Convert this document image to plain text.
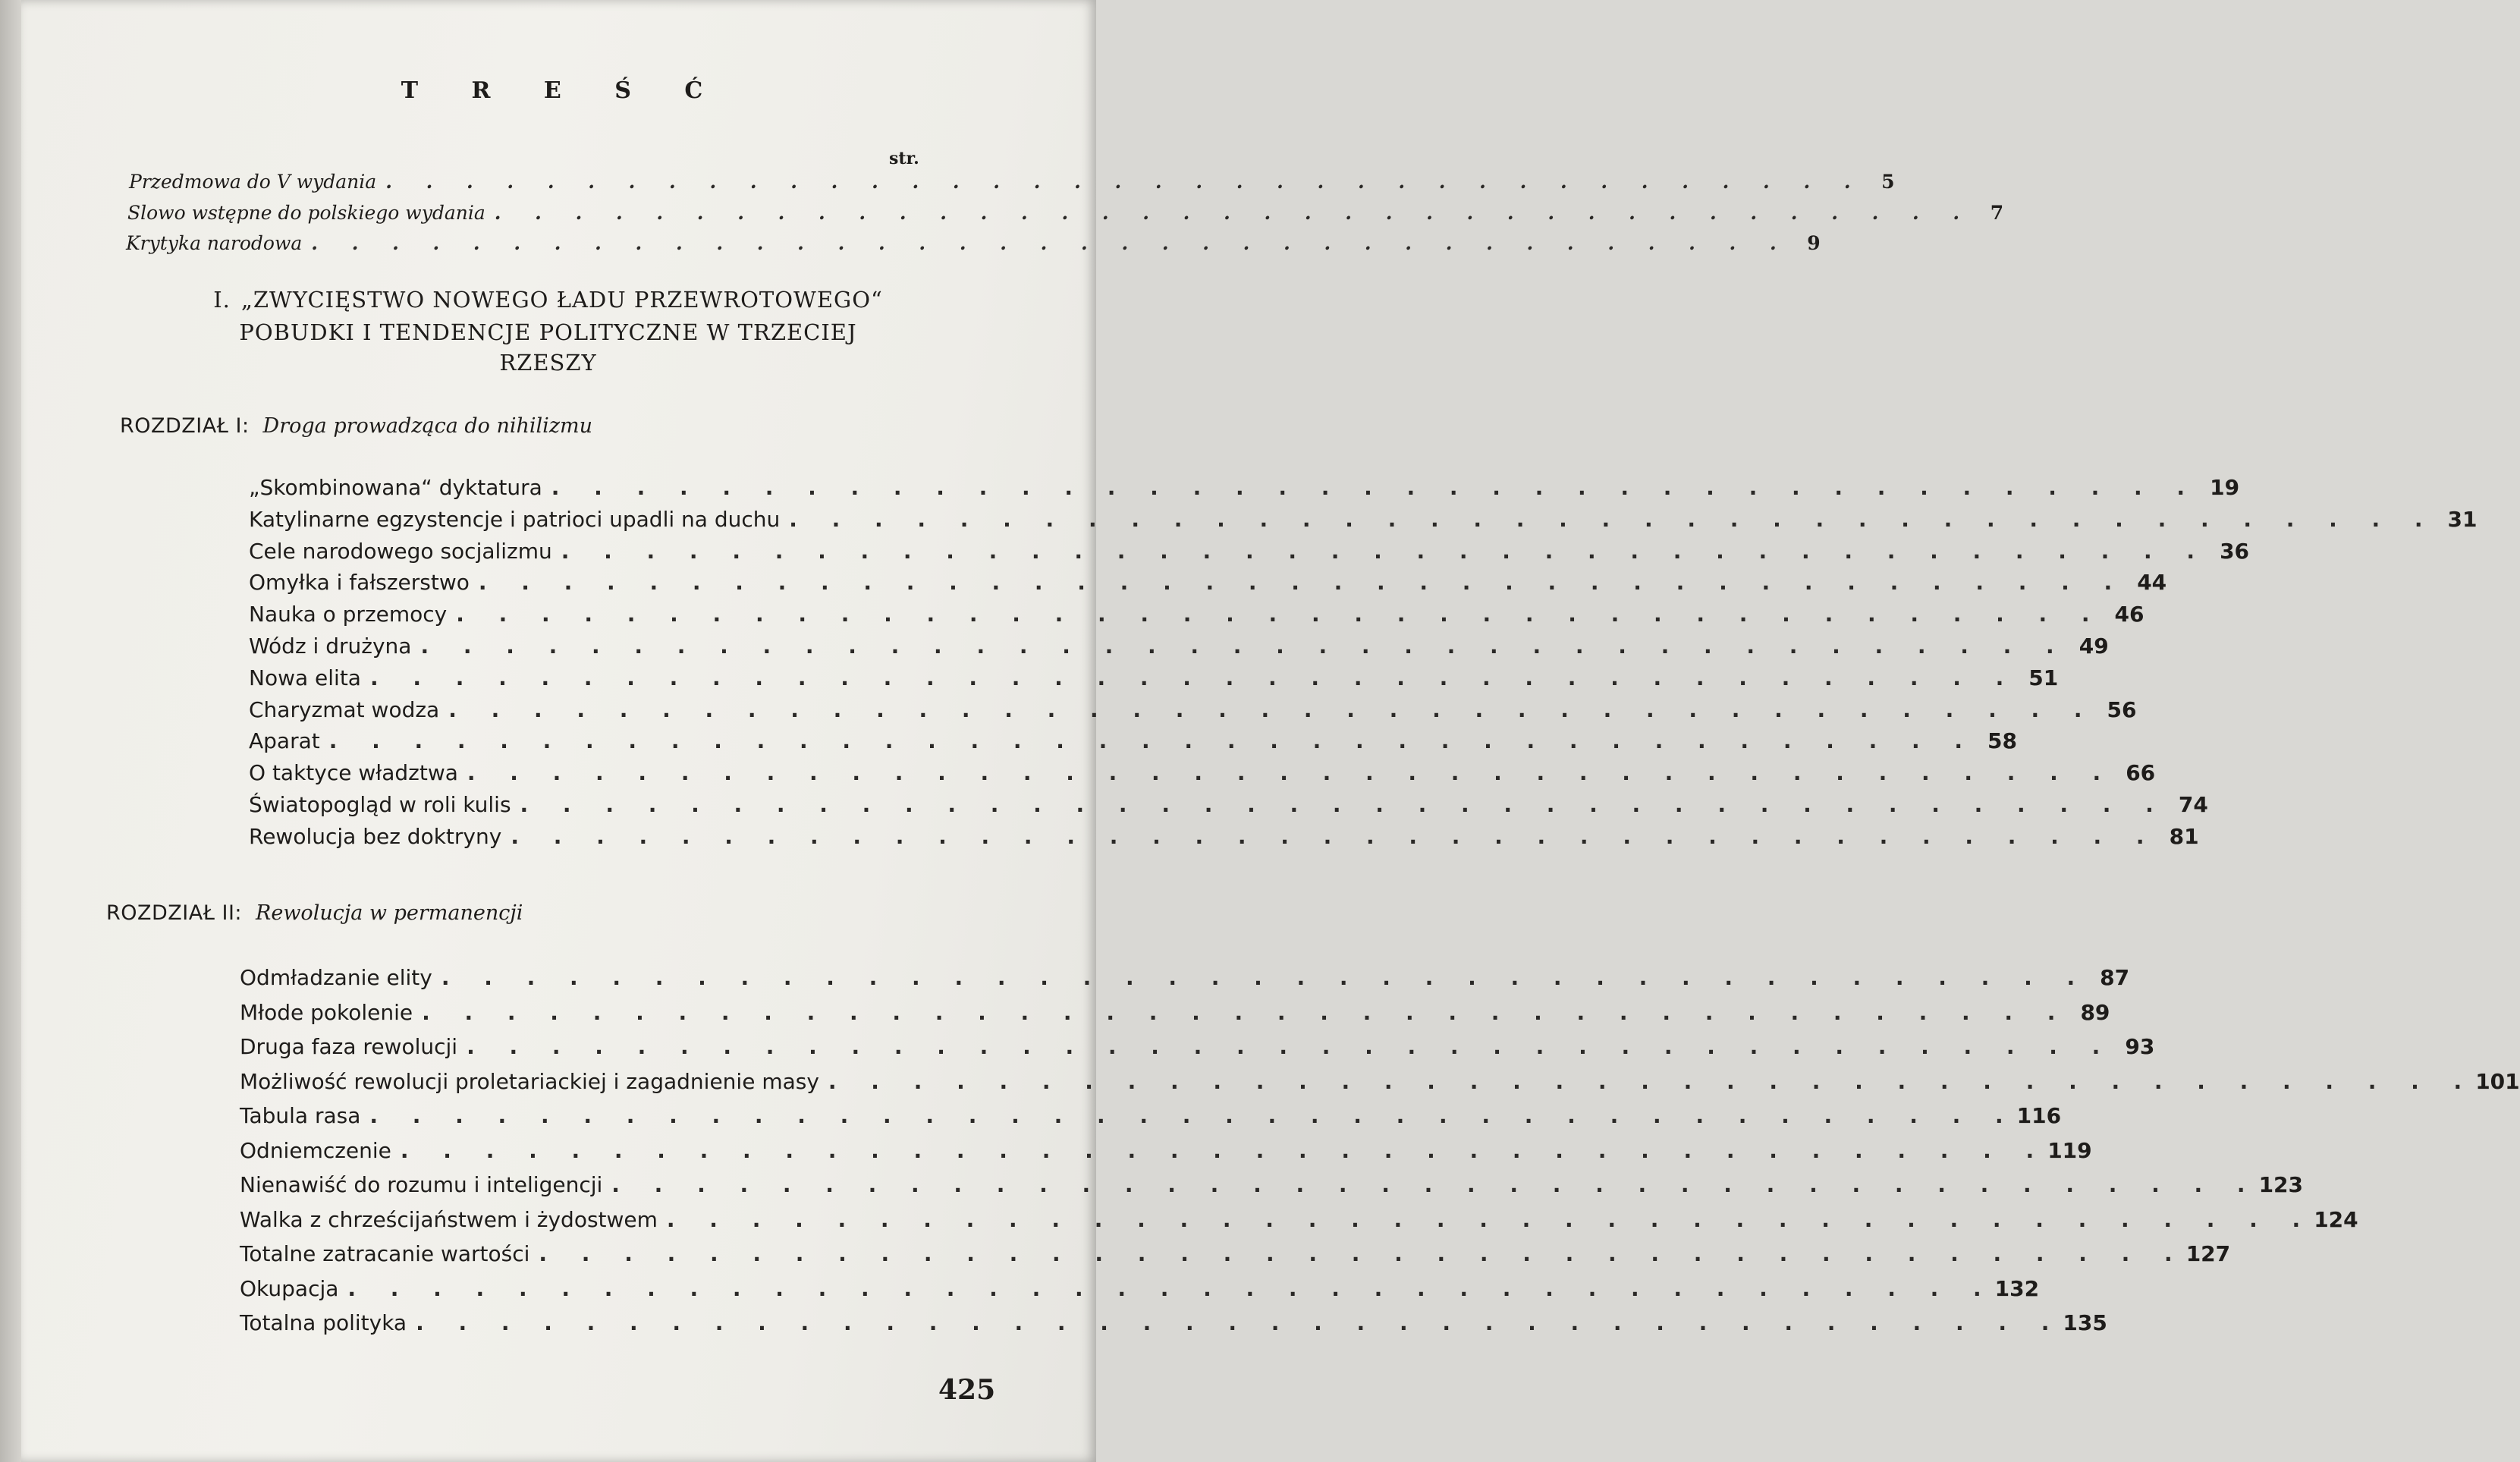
T R E Ś Ć
str.
Przedmowa do V wydania . . . . . . . . . . . . . . . . . . . . . . . . . . . . . . . . . . . . . 5
Slowo wstępne do polskiego wydania . . . . . . . . . . . . . . . . . . . . . . . . . . . . . . . . . . . . . 7
Krytyka narodowa . . . . . . . . . . . . . . . . . . . . . . . . . . . . . . . . . . . . . 9
I. „ZWYCIĘSTWO NOWEGO ŁADU PRZEWROTOWEGO“
POBUDKI I TENDENCJE POLITYCZNE W TRZECIEJ
RZESZY
ROZDZIAŁ I: Droga prowadząca do nihilizmu
„Skombinowana“ dyktatura . . . . . . . . . . . . . . . . . . . . . . . . . . . . . . . . . . . . . . . 19
Katylinarne egzystencje i patrioci upadli na duchu . . . . . . . . . . . . . . . . . . . . . . . . . . . . . . . . . . . . . . . 31
Cele narodowego socjalizmu . . . . . . . . . . . . . . . . . . . . . . . . . . . . . . . . . . . . . . . 36
Omyłka i fałszerstwo . . . . . . . . . . . . . . . . . . . . . . . . . . . . . . . . . . . . . . . 44
Nauka o przemocy . . . . . . . . . . . . . . . . . . . . . . . . . . . . . . . . . . . . . . . 46
Wódz i drużyna . . . . . . . . . . . . . . . . . . . . . . . . . . . . . . . . . . . . . . . 49
Nowa elita . . . . . . . . . . . . . . . . . . . . . . . . . . . . . . . . . . . . . . . 51
Charyzmat wodza . . . . . . . . . . . . . . . . . . . . . . . . . . . . . . . . . . . . . . . 56
Aparat . . . . . . . . . . . . . . . . . . . . . . . . . . . . . . . . . . . . . . . 58
O taktyce władztwa . . . . . . . . . . . . . . . . . . . . . . . . . . . . . . . . . . . . . . . 66
Światopogląd w roli kulis . . . . . . . . . . . . . . . . . . . . . . . . . . . . . . . . . . . . . . . 74
Rewolucja bez doktryny . . . . . . . . . . . . . . . . . . . . . . . . . . . . . . . . . . . . . . . 81
ROZDZIAŁ II: Rewolucja w permanencji
Odmładzanie elity . . . . . . . . . . . . . . . . . . . . . . . . . . . . . . . . . . . . . . . 87
Młode pokolenie . . . . . . . . . . . . . . . . . . . . . . . . . . . . . . . . . . . . . . . 89
Druga faza rewolucji . . . . . . . . . . . . . . . . . . . . . . . . . . . . . . . . . . . . . . . 93
Możliwość rewolucji proletariackiej i zagadnienie masy . . . . . . . . . . . . . . . . . . . . . . . . . . . . . . . . . . . . . . . 101
Tabula rasa . . . . . . . . . . . . . . . . . . . . . . . . . . . . . . . . . . . . . . . 116
Odniemczenie . . . . . . . . . . . . . . . . . . . . . . . . . . . . . . . . . . . . . . . 119
Nienawiść do rozumu i inteligencji . . . . . . . . . . . . . . . . . . . . . . . . . . . . . . . . . . . . . . . 123
Walka z chrześcijaństwem i żydostwem . . . . . . . . . . . . . . . . . . . . . . . . . . . . . . . . . . . . . . . 124
Totalne zatracanie wartości . . . . . . . . . . . . . . . . . . . . . . . . . . . . . . . . . . . . . . . 127
Okupacja . . . . . . . . . . . . . . . . . . . . . . . . . . . . . . . . . . . . . . . 132
Totalna polityka . . . . . . . . . . . . . . . . . . . . . . . . . . . . . . . . . . . . . . . 135
425
